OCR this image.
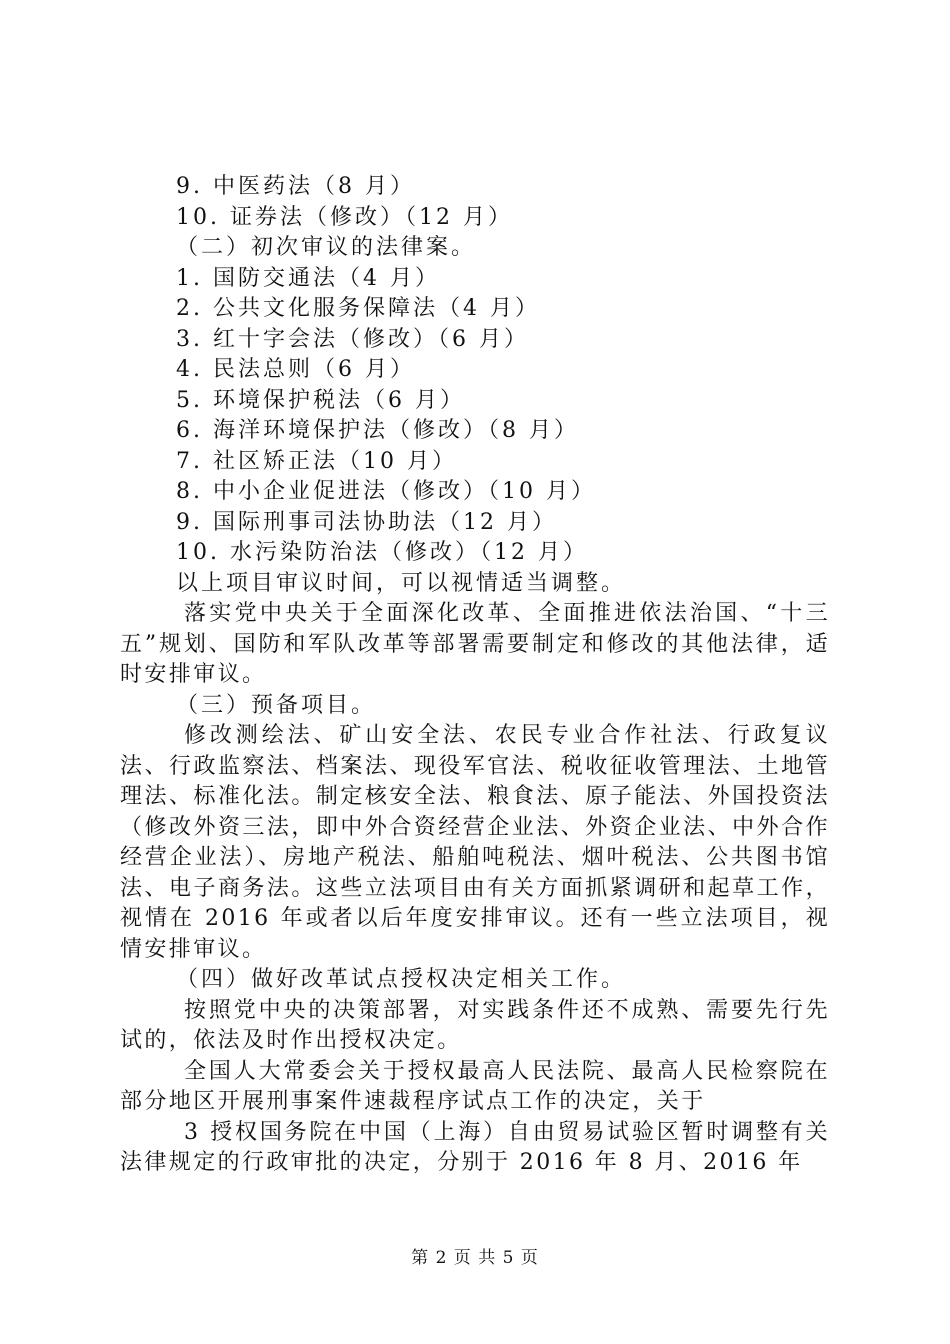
9. 中医药法（8 月）
10. 证券法（修改）（12 月）
（二）初次审议的法律案。
1. 国防交通法（4 月）
2. 公共文化服务保障法（4 月）
3. 红十字会法（修改）（6 月）
4. 民法总则（6 月）
5. 环境保护税法（6 月）
6. 海洋环境保护法（修改）（8 月）
7. 社区矫正法（10 月）
8. 中小企业促进法（修改）（10 月）
9. 国际刑事司法协助法（12 月）
10. 水污染防治法（修改）（12 月）
以上项目审议时间，可以视情适当调整。
落实党中央关于全面深化改革、全面推进依法治国、“十三五”规划、国防和军队改革等部署需要制定和修改的其他法律，适时安排审议。
（三）预备项目。
修改测绘法、矿山安全法、农民专业合作社法、行政复议法、行政监察法、档案法、现役军官法、税收征收管理法、土地管理法、标准化法。制定核安全法、粮食法、原子能法、外国投资法（修改外资三法，即中外合资经营企业法、外资企业法、中外合作经营企业法）、房地产税法、船舶吨税法、烟叶税法、公共图书馆法、电子商务法。这些立法项目由有关方面抓紧调研和起草工作，视情在 2016 年或者以后年度安排审议。还有一些立法项目，视情安排审议。
（四）做好改革试点授权决定相关工作。
按照党中央的决策部署，对实践条件还不成熟、需要先行先试的，依法及时作出授权决定。
全国人大常委会关于授权最高人民法院、最高人民检察院在部分地区开展刑事案件速裁程序试点工作的决定，关于
3 授权国务院在中国（上海）自由贸易试验区暂时调整有关法律规定的行政审批的决定，分别于 2016 年 8 月、2016 年
第 2 页 共 5 页
